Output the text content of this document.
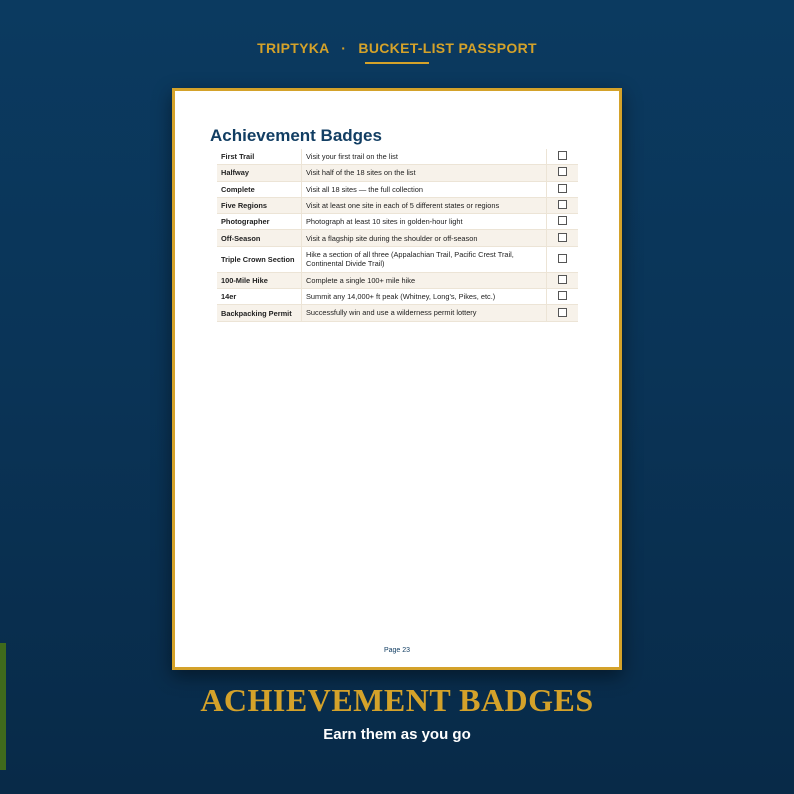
TRIPTYKA · BUCKET-LIST PASSPORT
Achievement Badges
First Trail	Visit your first trail on the list	
Halfway	Visit half of the 18 sites on the list	
Complete	Visit all 18 sites — the full collection	
Five Regions	Visit at least one site in each of 5 different states or regions	
Photographer	Photograph at least 10 sites in golden-hour light	
Off-Season	Visit a flagship site during the shoulder or off-season	
Triple Crown Section	Hike a section of all three (Appalachian Trail, Pacific Crest Trail, Continental Divide Trail)	
100-Mile Hike	Complete a single 100+ mile hike	
14er	Summit any 14,000+ ft peak (Whitney, Long's, Pikes, etc.)	
Backpacking Permit	Successfully win and use a wilderness permit lottery	
Page 23
ACHIEVEMENT BADGES
Earn them as you go
